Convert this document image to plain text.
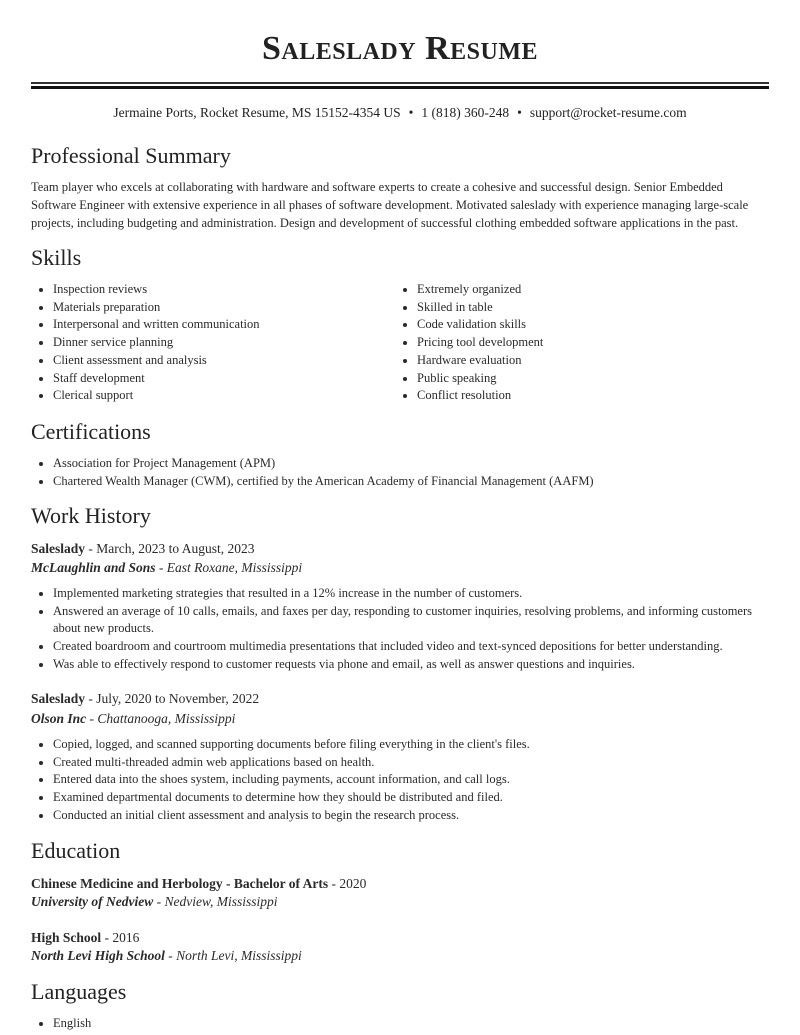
Saleslady Resume
Jermaine Ports, Rocket Resume, MS 15152-4354 US • 1 (818) 360-248 • support@rocket-resume.com
Professional Summary

Team player who excels at collaborating with hardware and software experts to create a cohesive and successful design. Senior Embedded Software Engineer with extensive experience in all phases of software development. Motivated saleslady with experience managing large-scale projects, including budgeting and administration. Design and development of successful clothing embedded software applications in the past.

Skills
• Inspection reviews
• Materials preparation
• Interpersonal and written communication
• Dinner service planning
• Client assessment and analysis
• Staff development
• Clerical support
• Extremely organized
• Skilled in table
• Code validation skills
• Pricing tool development
• Hardware evaluation
• Public speaking
• Conflict resolution
Certifications
• Association for Project Management (APM)
• Chartered Wealth Manager (CWM), certified by the American Academy of Financial Management (AAFM)
Work History
Saleslady - March, 2023 to August, 2023
McLaughlin and Sons - East Roxane, Mississippi
• Implemented marketing strategies that resulted in a 12% increase in the number of customers.
• Answered an average of 10 calls, emails, and faxes per day, responding to customer inquiries, resolving problems, and informing customers about new products.
• Created boardroom and courtroom multimedia presentations that included video and text-synced depositions for better understanding.
• Was able to effectively respond to customer requests via phone and email, as well as answer questions and inquiries.
Saleslady - July, 2020 to November, 2022
Olson Inc - Chattanooga, Mississippi
• Copied, logged, and scanned supporting documents before filing everything in the client's files.
• Created multi-threaded admin web applications based on health.
• Entered data into the shoes system, including payments, account information, and call logs.
• Examined departmental documents to determine how they should be distributed and filed.
• Conducted an initial client assessment and analysis to begin the research process.
Education
Chinese Medicine and Herbology - Bachelor of Arts - 2020
University of Nedview - Nedview, Mississippi
High School - 2016
North Levi High School - North Levi, Mississippi
Languages
• English
